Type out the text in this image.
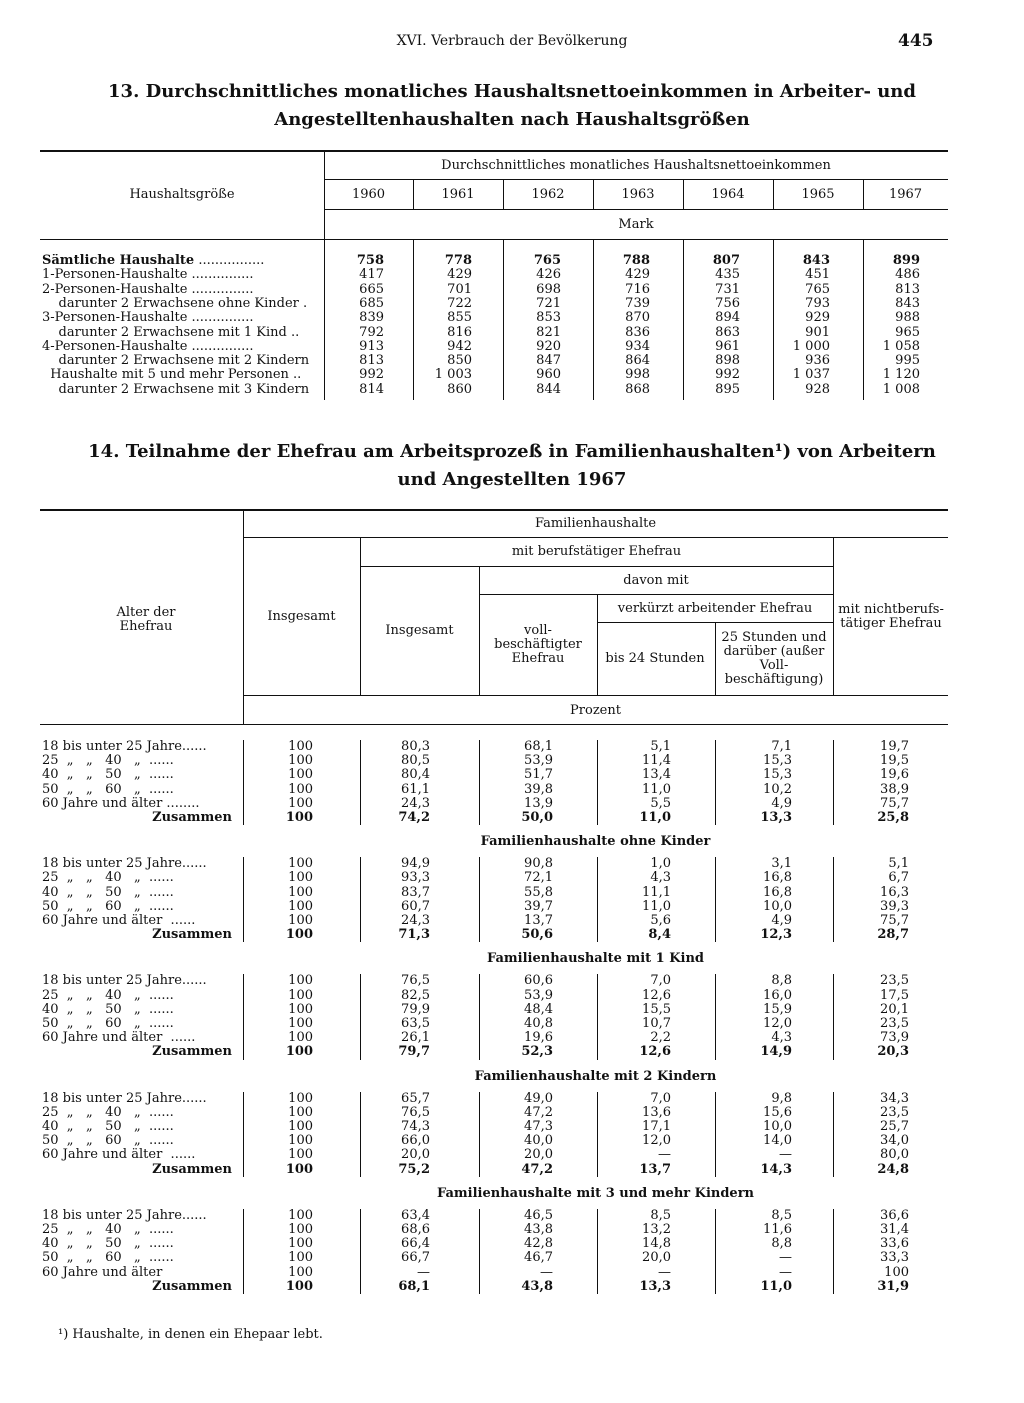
XVI. Verbrauch der Bevölkerung	445
13. Durchschnittliches monatliches Haushaltsnettoeinkommen in Arbeiter- und
Angestelltenhaushalten nach Haushaltsgrößen
Durchschnittliches monatliches Haushaltsnettoeinkommen
Haushaltsgröße	1960	1961	1962	1963	1964	1965	1967
Mark
Sämtliche Haushalte ................	758	778	765	788	807	843	899
1-Personen-Haushalte ...............	417	429	426	429	435	451	486
2-Personen-Haushalte ...............	665	701	698	716	731	765	813
darunter 2 Erwachsene ohne Kinder .	685	722	721	739	756	793	843
3-Personen-Haushalte ...............	839	855	853	870	894	929	988
darunter 2 Erwachsene mit 1 Kind ..	792	816	821	836	863	901	965
4-Personen-Haushalte ...............	913	942	920	934	961	1 000	1 058
darunter 2 Erwachsene mit 2 Kindern	813	850	847	864	898	936	995
Haushalte mit 5 und mehr Personen ..	992	1 003	960	998	992	1 037	1 120
darunter 2 Erwachsene mit 3 Kindern	814	860	844	868	895	928	1 008
14. Teilnahme der Ehefrau am Arbeitsprozeß in Familienhaushalten¹) von Arbeitern
und Angestellten 1967
Familienhaushalte
mit berufstätiger Ehefrau
davon mit
verkürzt arbeitender Ehefrau
Alter der Ehefrau
Insgesamt
Insgesamt	voll-beschäftigter Ehefrau	bis 24 Stunden
25 Stunden und darüber (außer Voll-beschäftigung)
mit nichtberufs-tätiger Ehefrau
Prozent
18 bis unter 25 Jahre......	100	80,3	68,1	5,1	7,1	19,7
25  „   „   40   „  ......	100	80,5	53,9	11,4	15,3	19,5
40  „   „   50   „  ......	100	80,4	51,7	13,4	15,3	19,6
50  „   „   60   „  ......	100	61,1	39,8	11,0	10,2	38,9
60 Jahre und älter ........	100	24,3	13,9	5,5	4,9	75,7
Zusammen	100	74,2	50,0	11,0	13,3	25,8
Familienhaushalte ohne Kinder
18 bis unter 25 Jahre......	100	94,9	90,8	1,0	3,1	5,1
25  „   „   40   „  ......	100	93,3	72,1	4,3	16,8	6,7
40  „   „   50   „  ......	100	83,7	55,8	11,1	16,8	16,3
50  „   „   60   „  ......	100	60,7	39,7	11,0	10,0	39,3
60 Jahre und älter  ......	100	24,3	13,7	5,6	4,9	75,7
Zusammen	100	71,3	50,6	8,4	12,3	28,7
Familienhaushalte mit 1 Kind
18 bis unter 25 Jahre......	100	76,5	60,6	7,0	8,8	23,5
25  „   „   40   „  ......	100	82,5	53,9	12,6	16,0	17,5
40  „   „   50   „  ......	100	79,9	48,4	15,5	15,9	20,1
50  „   „   60   „  ......	100	63,5	40,8	10,7	12,0	23,5
60 Jahre und älter  ......	100	26,1	19,6	2,2	4,3	73,9
Zusammen	100	79,7	52,3	12,6	14,9	20,3
Familienhaushalte mit 2 Kindern
18 bis unter 25 Jahre......	100	65,7	49,0	7,0	9,8	34,3
25  „   „   40   „  ......	100	76,5	47,2	13,6	15,6	23,5
40  „   „   50   „  ......	100	74,3	47,3	17,1	10,0	25,7
50  „   „   60   „  ......	100	66,0	40,0	12,0	14,0	34,0
60 Jahre und älter  ......	100	20,0	20,0	—	—	80,0
Zusammen	100	75,2	47,2	13,7	14,3	24,8
Familienhaushalte mit 3 und mehr Kindern
18 bis unter 25 Jahre......	100	63,4	46,5	8,5	8,5	36,6
25  „   „   40   „  ......	100	68,6	43,8	13,2	11,6	31,4
40  „   „   50   „  ......	100	66,4	42,8	14,8	8,8	33,6
50  „   „   60   „  ......	100	66,7	46,7	20,0	—	33,3
60 Jahre und älter	100	—	—	—	—	100
Zusammen	100	68,1	43,8	13,3	11,0	31,9
¹) Haushalte, in denen ein Ehepaar lebt.
